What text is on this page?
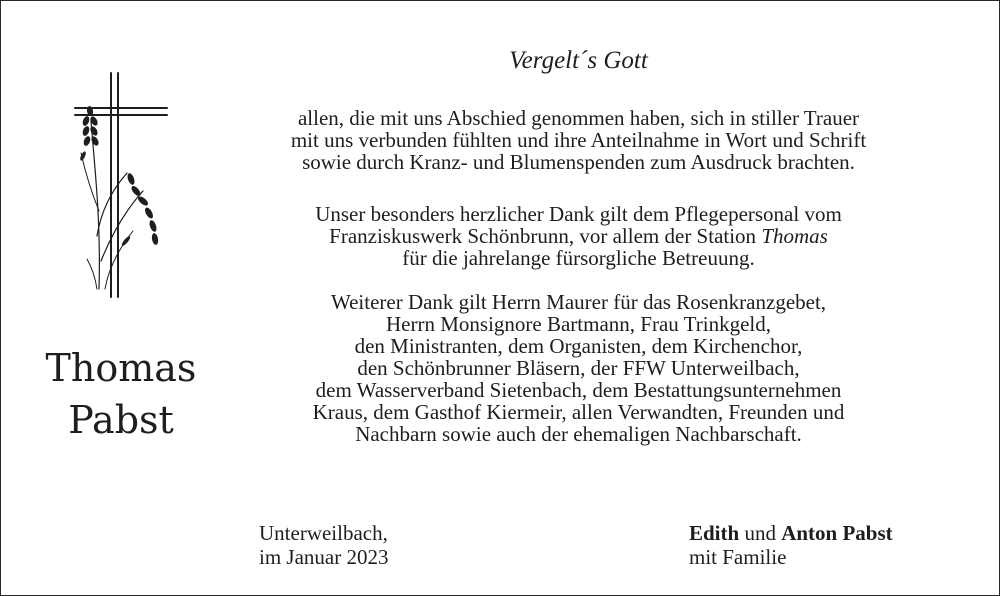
Thomas
Pabst
Vergelt´s Gott
allen, die mit uns Abschied genommen haben, sich in stiller Trauer
mit uns verbunden fühlten und ihre Anteilnahme in Wort und Schrift
sowie durch Kranz- und Blumenspenden zum Ausdruck brachten.
Unser besonders herzlicher Dank gilt dem Pflegepersonal vom
Franziskuswerk Schönbrunn, vor allem der Station Thomas
für die jahrelange fürsorgliche Betreuung.
Weiterer Dank gilt Herrn Maurer für das Rosenkranzgebet,
Herrn Monsignore Bartmann, Frau Trinkgeld,
den Ministranten, dem Organisten, dem Kirchenchor,
den Schönbrunner Bläsern, der FFW Unterweilbach,
dem Wasserverband Sietenbach, dem Bestattungsunternehmen
Kraus, dem Gasthof Kiermeir, allen Verwandten, Freunden und
Nachbarn sowie auch der ehemaligen Nachbarschaft.
Unterweilbach,
im Januar 2023
Edith und Anton Pabst
mit Familie
